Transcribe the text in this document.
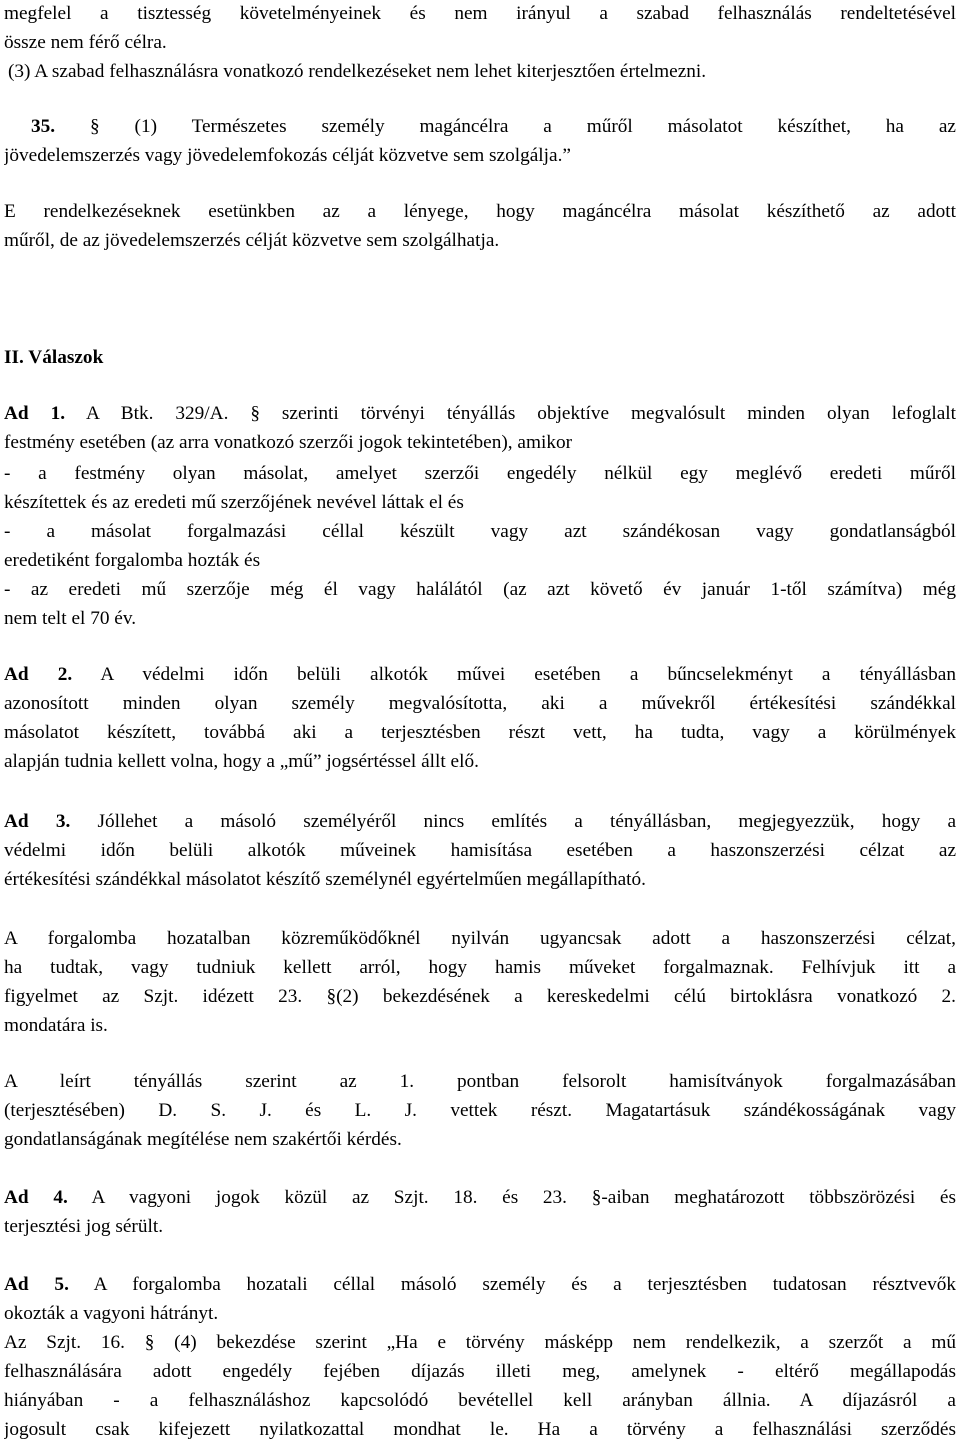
megfelel a tisztesség követelményeinek és nem irányul a szabad felhasználás rendeltetésével
össze nem férő célra.
(3) A szabad felhasználásra vonatkozó rendelkezéseket nem lehet kiterjesztően értelmezni.
35. § (1) Természetes személy magáncélra a műről másolatot készíthet, ha az
jövedelemszerzés vagy jövedelemfokozás célját közvetve sem szolgálja.”
E rendelkezéseknek esetünkben az a lényege, hogy magáncélra másolat készíthető az adott
műről, de az jövedelemszerzés célját közvetve sem szolgálhatja.
II. Válaszok
Ad 1. A Btk. 329/A. § szerinti törvényi tényállás objektíve megvalósult minden olyan lefoglalt
festmény esetében (az arra vonatkozó szerzői jogok tekintetében), amikor
- a festmény olyan másolat, amelyet szerzői engedély nélkül egy meglévő eredeti műről
készítettek és az eredeti mű szerzőjének nevével láttak el és
- a másolat forgalmazási céllal készült vagy azt szándékosan vagy gondatlanságból
eredetiként forgalomba hozták és
- az eredeti mű szerzője még él vagy halálától (az azt követő év január 1-től számítva) még
nem telt el 70 év.
Ad 2. A védelmi időn belüli alkotók művei esetében a bűncselekményt a tényállásban
azonosított minden olyan személy megvalósította, aki a művekről értékesítési szándékkal
másolatot készített, továbbá aki a terjesztésben részt vett, ha tudta, vagy a körülmények
alapján tudnia kellett volna, hogy a „mű” jogsértéssel állt elő.
Ad 3. Jóllehet a másoló személyéről nincs említés a tényállásban, megjegyezzük, hogy a
védelmi időn belüli alkotók műveinek hamisítása esetében a haszonszerzési célzat az
értékesítési szándékkal másolatot készítő személynél egyértelműen megállapítható.
A forgalomba hozatalban közreműködőknél nyilván ugyancsak adott a haszonszerzési célzat,
ha tudtak, vagy tudniuk kellett arról, hogy hamis műveket forgalmaznak. Felhívjuk itt a
figyelmet az Szjt. idézett 23. §(2) bekezdésének a kereskedelmi célú birtoklásra vonatkozó 2.
mondatára is.
A leírt tényállás szerint az 1. pontban felsorolt hamisítványok forgalmazásában
(terjesztésében) D. S. J. és L. J. vettek részt. Magatartásuk szándékosságának vagy
gondatlanságának megítélése nem szakértői kérdés.
Ad 4. A vagyoni jogok közül az Szjt. 18. és 23. §-aiban meghatározott többszörözési és
terjesztési jog sérült.
Ad 5. A forgalomba hozatali céllal másoló személy és a terjesztésben tudatosan résztvevők
okozták a vagyoni hátrányt.
Az Szjt. 16. § (4) bekezdése szerint „Ha e törvény másképp nem rendelkezik, a szerzőt a mű
felhasználására adott engedély fejében díjazás illeti meg, amelynek - eltérő megállapodás
hiányában - a felhasználáshoz kapcsolódó bevétellel kell arányban állnia. A díjazásról a
jogosult csak kifejezett nyilatkozattal mondhat le. Ha a törvény a felhasználási szerződés
